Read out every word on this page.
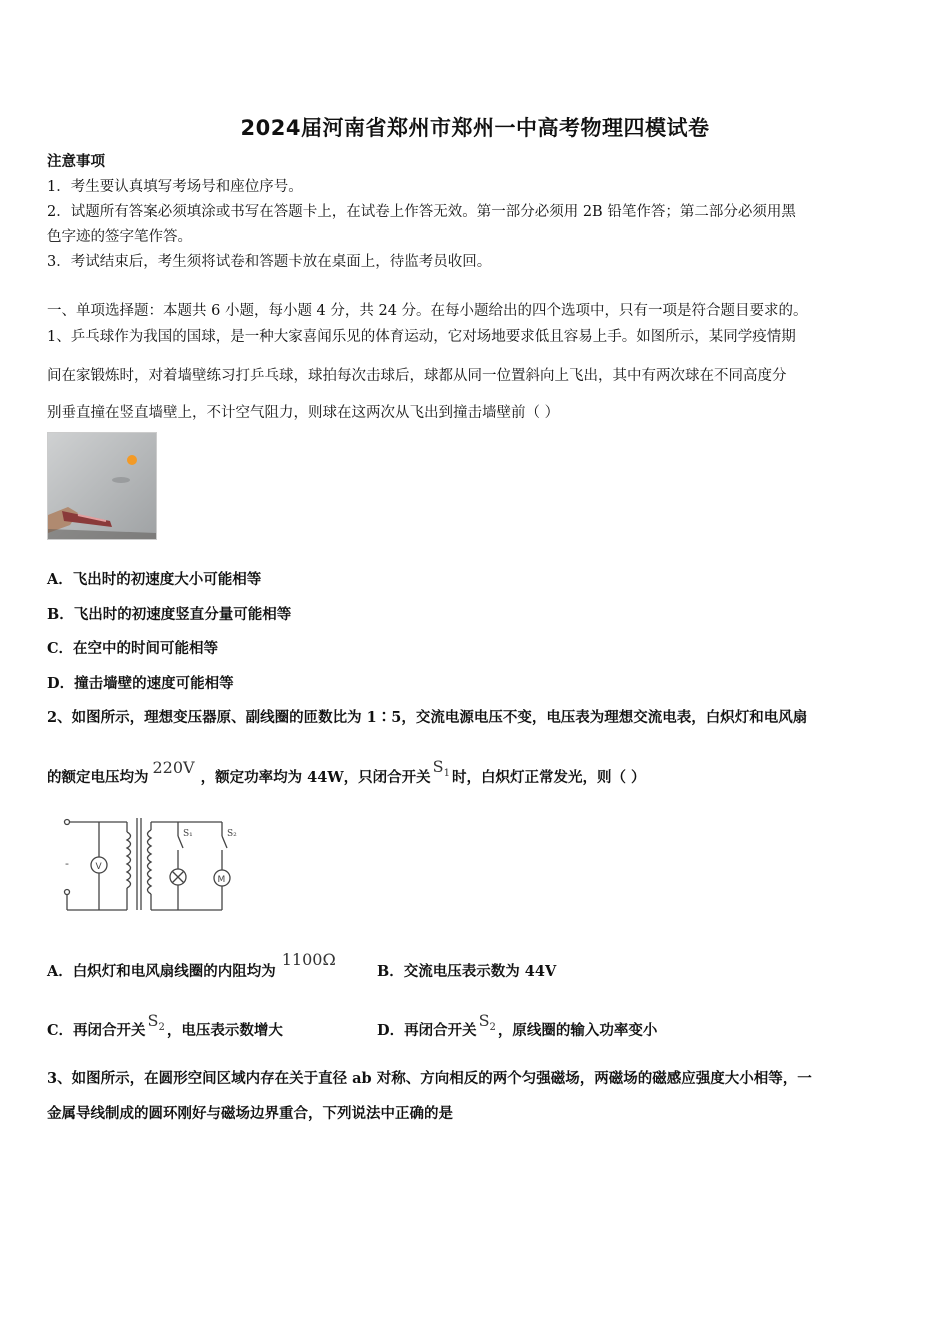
2024届河南省郑州市郑州一中高考物理四模试卷
注意事项
1．考生要认真填写考场号和座位序号。
2．试题所有答案必须填涂或书写在答题卡上，在试卷上作答无效。第一部分必须用 2B 铅笔作答；第二部分必须用黑
色字迹的签字笔作答。
3．考试结束后，考生须将试卷和答题卡放在桌面上，待监考员收回。
一、单项选择题：本题共 6 小题，每小题 4 分，共 24 分。在每小题给出的四个选项中，只有一项是符合题目要求的。
1、乒乓球作为我国的国球，是一种大家喜闻乐见的体育运动，它对场地要求低且容易上手。如图所示，某同学疫情期
间在家锻炼时，对着墙壁练习打乒乓球，球拍每次击球后，球都从同一位置斜向上飞出，其中有两次球在不同高度分
别垂直撞在竖直墙壁上，不计空气阻力，则球在这两次从飞出到撞击墙壁前（ ）
A．飞出时的初速度大小可能相等
B．飞出时的初速度竖直分量可能相等
C．在空中的时间可能相等
D．撞击墙壁的速度可能相等
2、如图所示，理想变压器原、副线圈的匝数比为 1∶5，交流电源电压不变，电压表为理想交流电表，白炽灯和电风扇
的额定电压均为220V，额定功率均为 44W，只闭合开关$S_1$ 时，白炽灯正常发光，则（ ）
-	V
M
S₁	S₂
A．白炽灯和电风扇线圈的内阻均为1100Ω
B．交流电压表示数为 44V
C．再闭合开关$S_2$ ，电压表示数增大	D．再闭合开关$S_2$ ，原线圈的输入功率变小
3、如图所示，在圆形空间区域内存在关于直径 ab 对称、方向相反的两个匀强磁场，两磁场的磁感应强度大小相等，一
金属导线制成的圆环刚好与磁场边界重合，下列说法中正确的是
